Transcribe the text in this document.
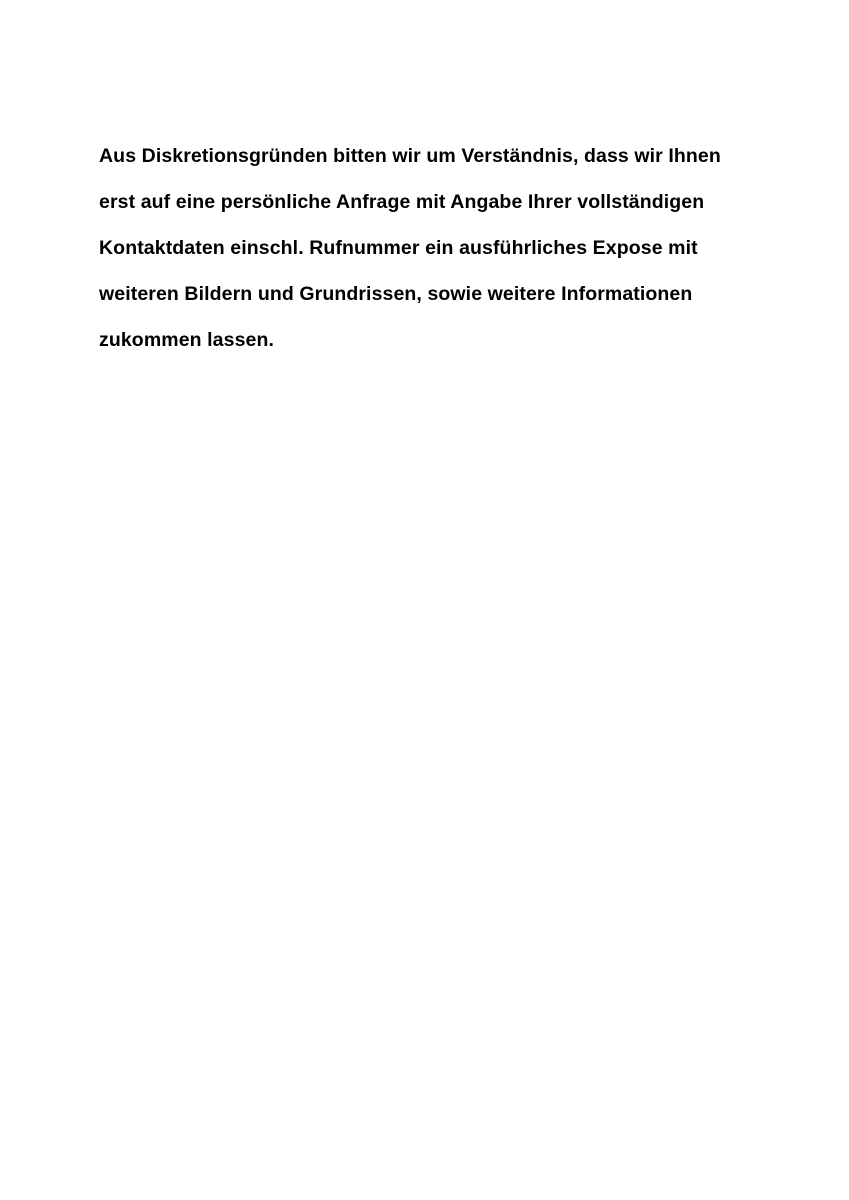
Aus Diskretionsgründen bitten wir um Verständnis, dass wir Ihnen
erst auf eine persönliche Anfrage mit Angabe Ihrer vollständigen
Kontaktdaten einschl. Rufnummer ein ausführliches Expose mit
weiteren Bildern und Grundrissen, sowie weitere Informationen
zukommen lassen.
